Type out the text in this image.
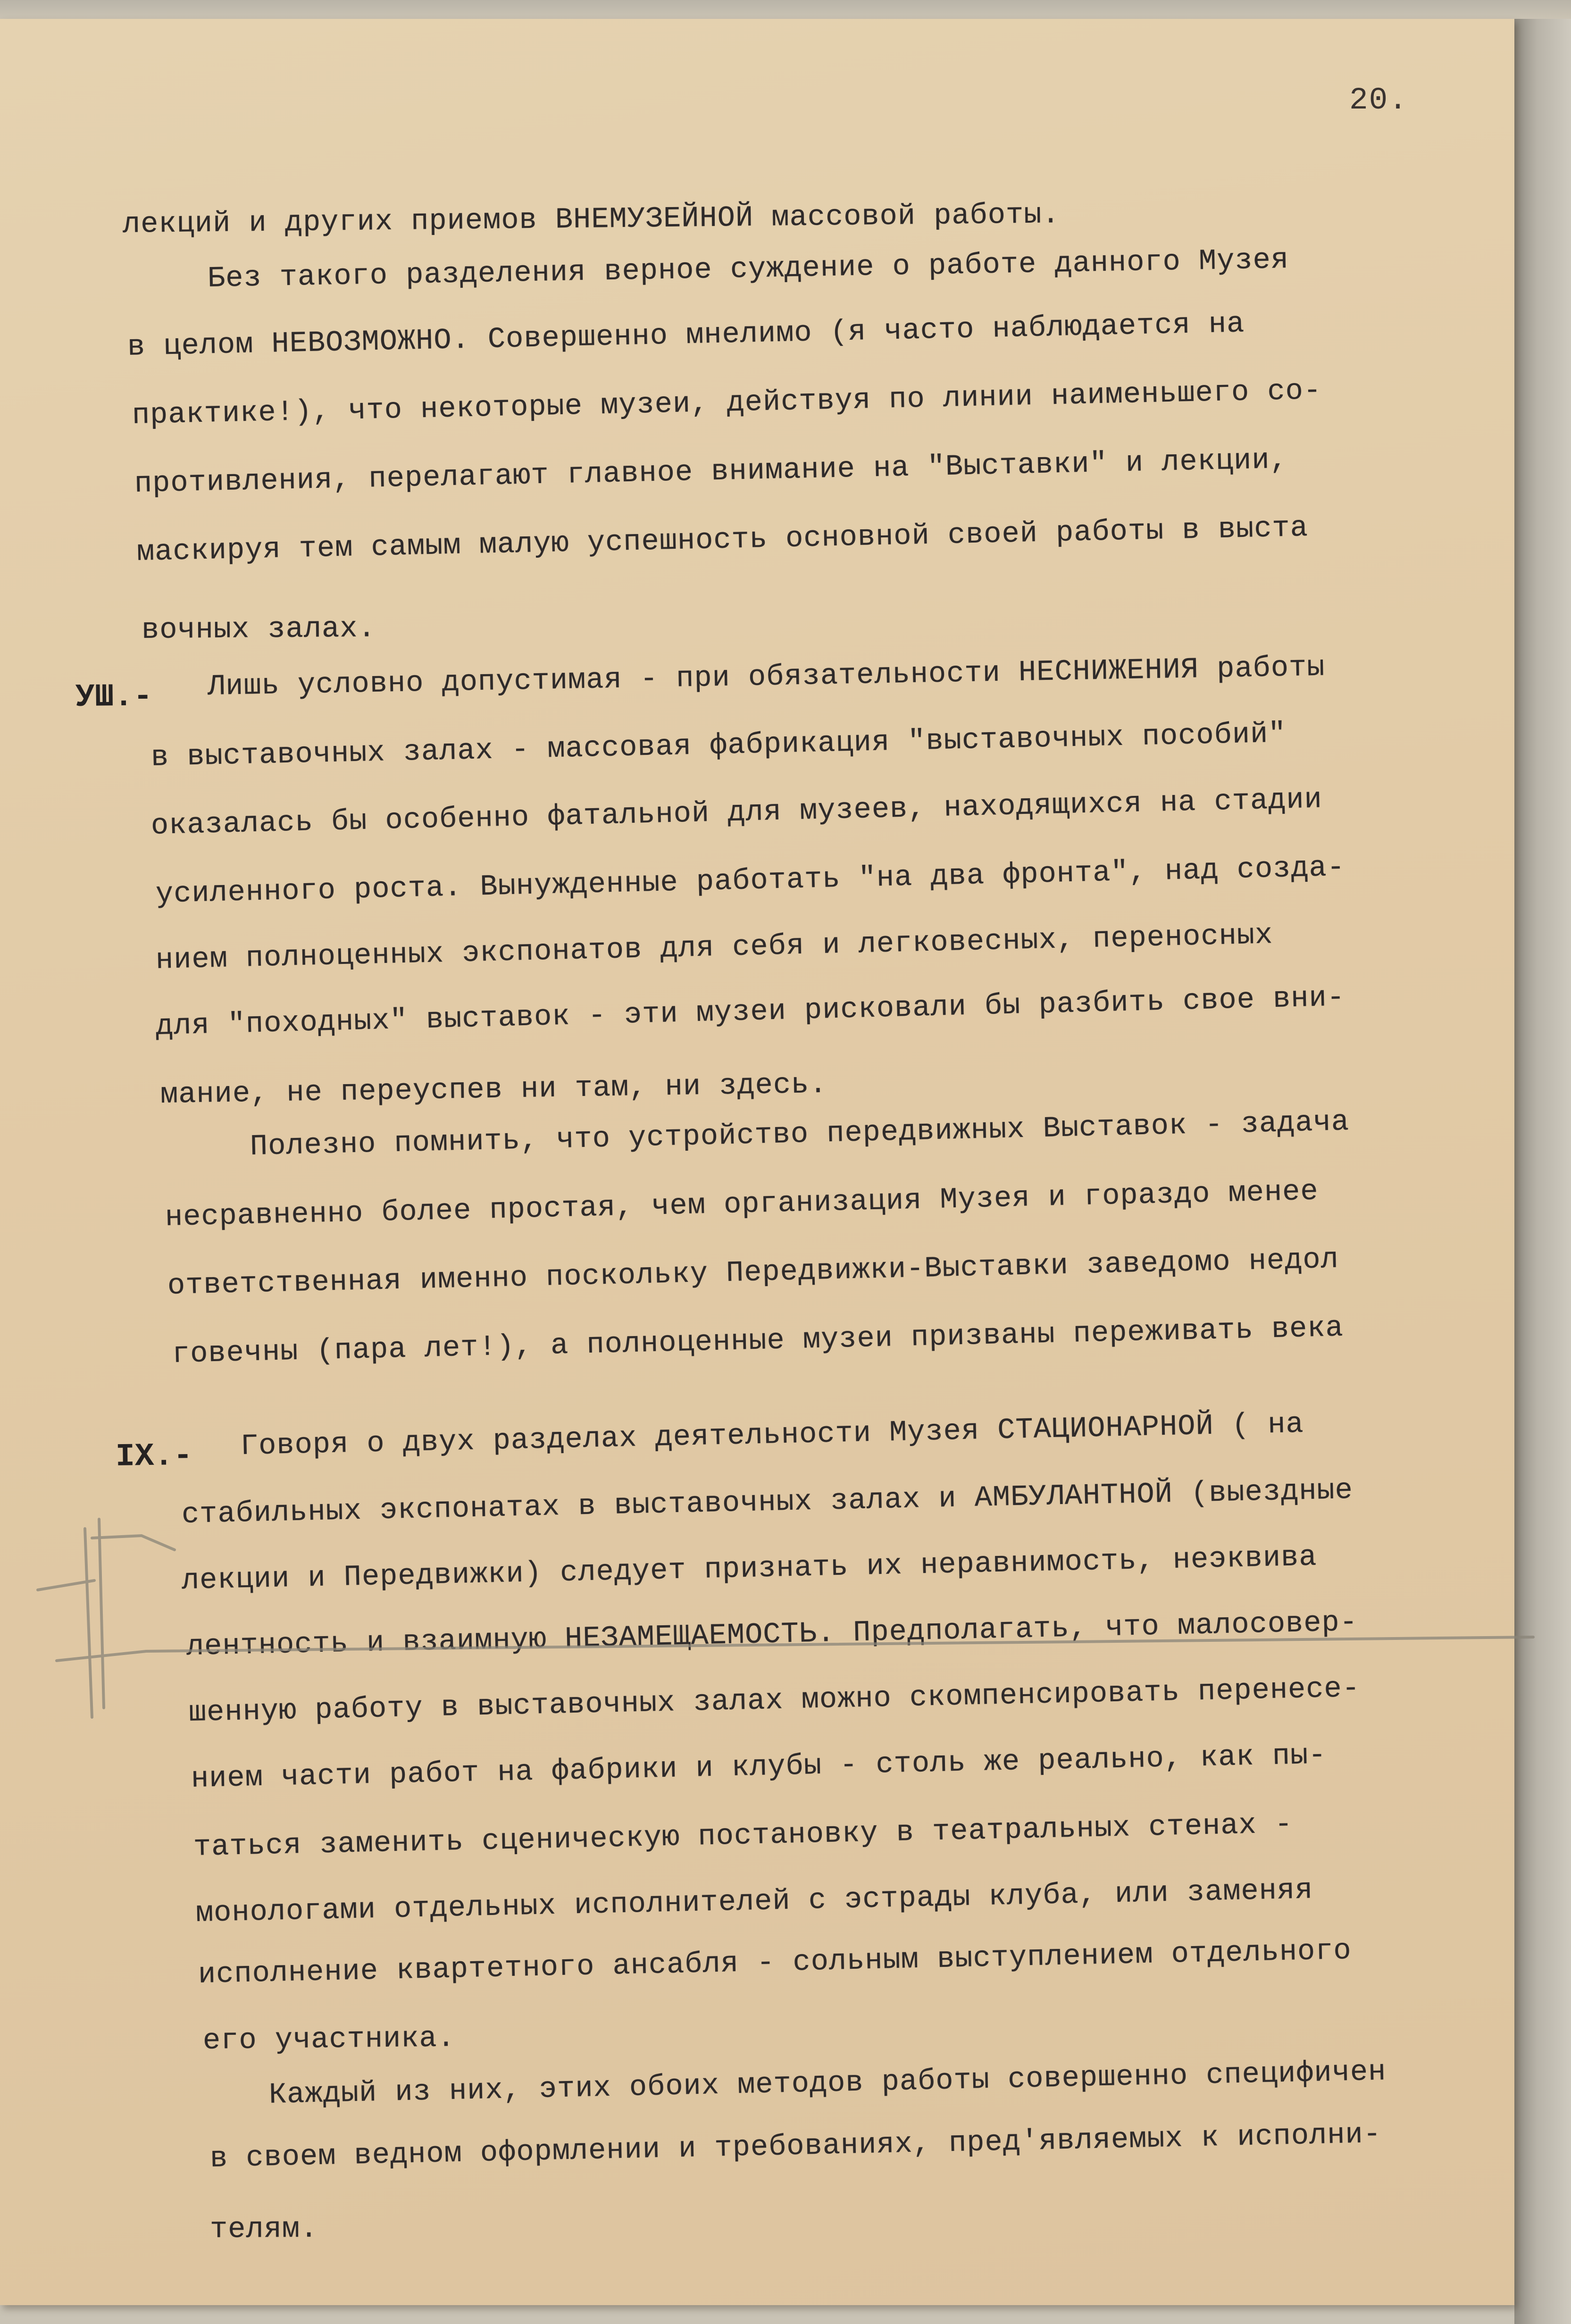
20.
лекций и других приемов ВНЕМУЗЕЙНОЙ массовой работы.
Без такого разделения верное суждение о работе данного Музея
в целом НЕВОЗМОЖНО. Совершенно мнелимо (я часто наблюдается на
практике!), что некоторые музеи, действуя по линии наименьшего со-
противления, перелагают главное внимание на "Выставки" и лекции,
маскируя тем самым малую успешность основной своей работы в выста
вочных залах.
УШ.- Лишь условно допустимая - при обязательности НЕСНИЖЕНИЯ работы
в выставочных залах - массовая фабрикация "выставочных пособий"
оказалась бы особенно фатальной для музеев, находящихся на стадии
усиленного роста. Вынужденные работать "на два фронта", над созда-
нием полноценных экспонатов для себя и легковесных, переносных
для "походных" выставок - эти музеи рисковали бы разбить свое вни-
мание, не переуспев ни там, ни здесь.
Полезно помнить, что устройство передвижных Выставок - задача
несравненно более простая, чем организация Музея и гораздо менее
ответственная именно поскольку Передвижки-Выставки заведомо недол
говечны (пара лет!), а полноценные музеи призваны переживать века
IX.- Говоря о двух разделах деятельности Музея СТАЦИОНАРНОЙ ( на
стабильных экспонатах в выставочных залах и АМБУЛАНТНОЙ (выездные
лекции и Передвижки) следует признать их неравнимость, неэквива
лентность и взаимную НЕЗАМЕЩАЕМОСТЬ. Предполагать, что малосовер-
шенную работу в выставочных залах можно скомпенсировать перенесе-
нием части работ на фабрики и клубы - столь же реально, как пы-
таться заменить сценическую постановку в театральных стенах -
монологами отдельных исполнителей с эстрады клуба, или заменяя
исполнение квартетного ансабля - сольным выступлением отдельного
его участника.
Каждый из них, этих обоих методов работы совершенно специфичен
в своем ведном оформлении и требованиях, пред'являемых к исполни-
телям.
